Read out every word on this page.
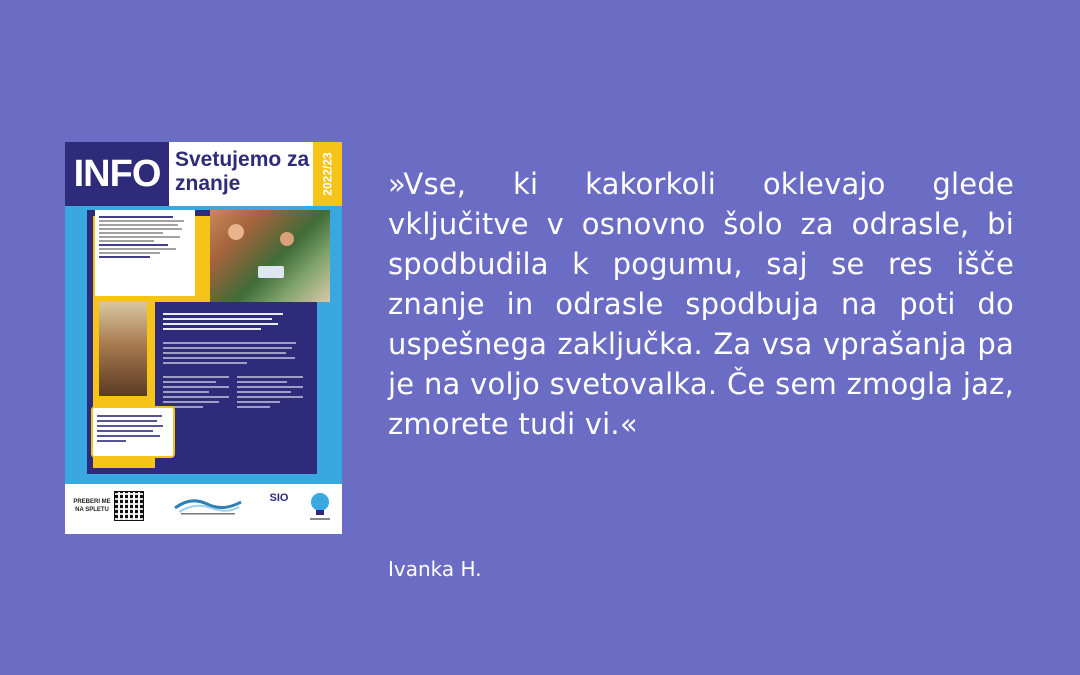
INFO Svetujemo za znanje	2022/23
PREBERI ME NA SPLETU
SIO
»Vse, ki kakorkoli oklevajo glede vključitve v osnovno šolo za odrasle, bi spodbudila k pogumu, saj se res išče znanje in odrasle spodbuja na poti do uspešnega zaključka. Za vsa vprašanja pa je na voljo svetovalka. Če sem zmogla jaz, zmorete tudi vi.«
Ivanka H.
